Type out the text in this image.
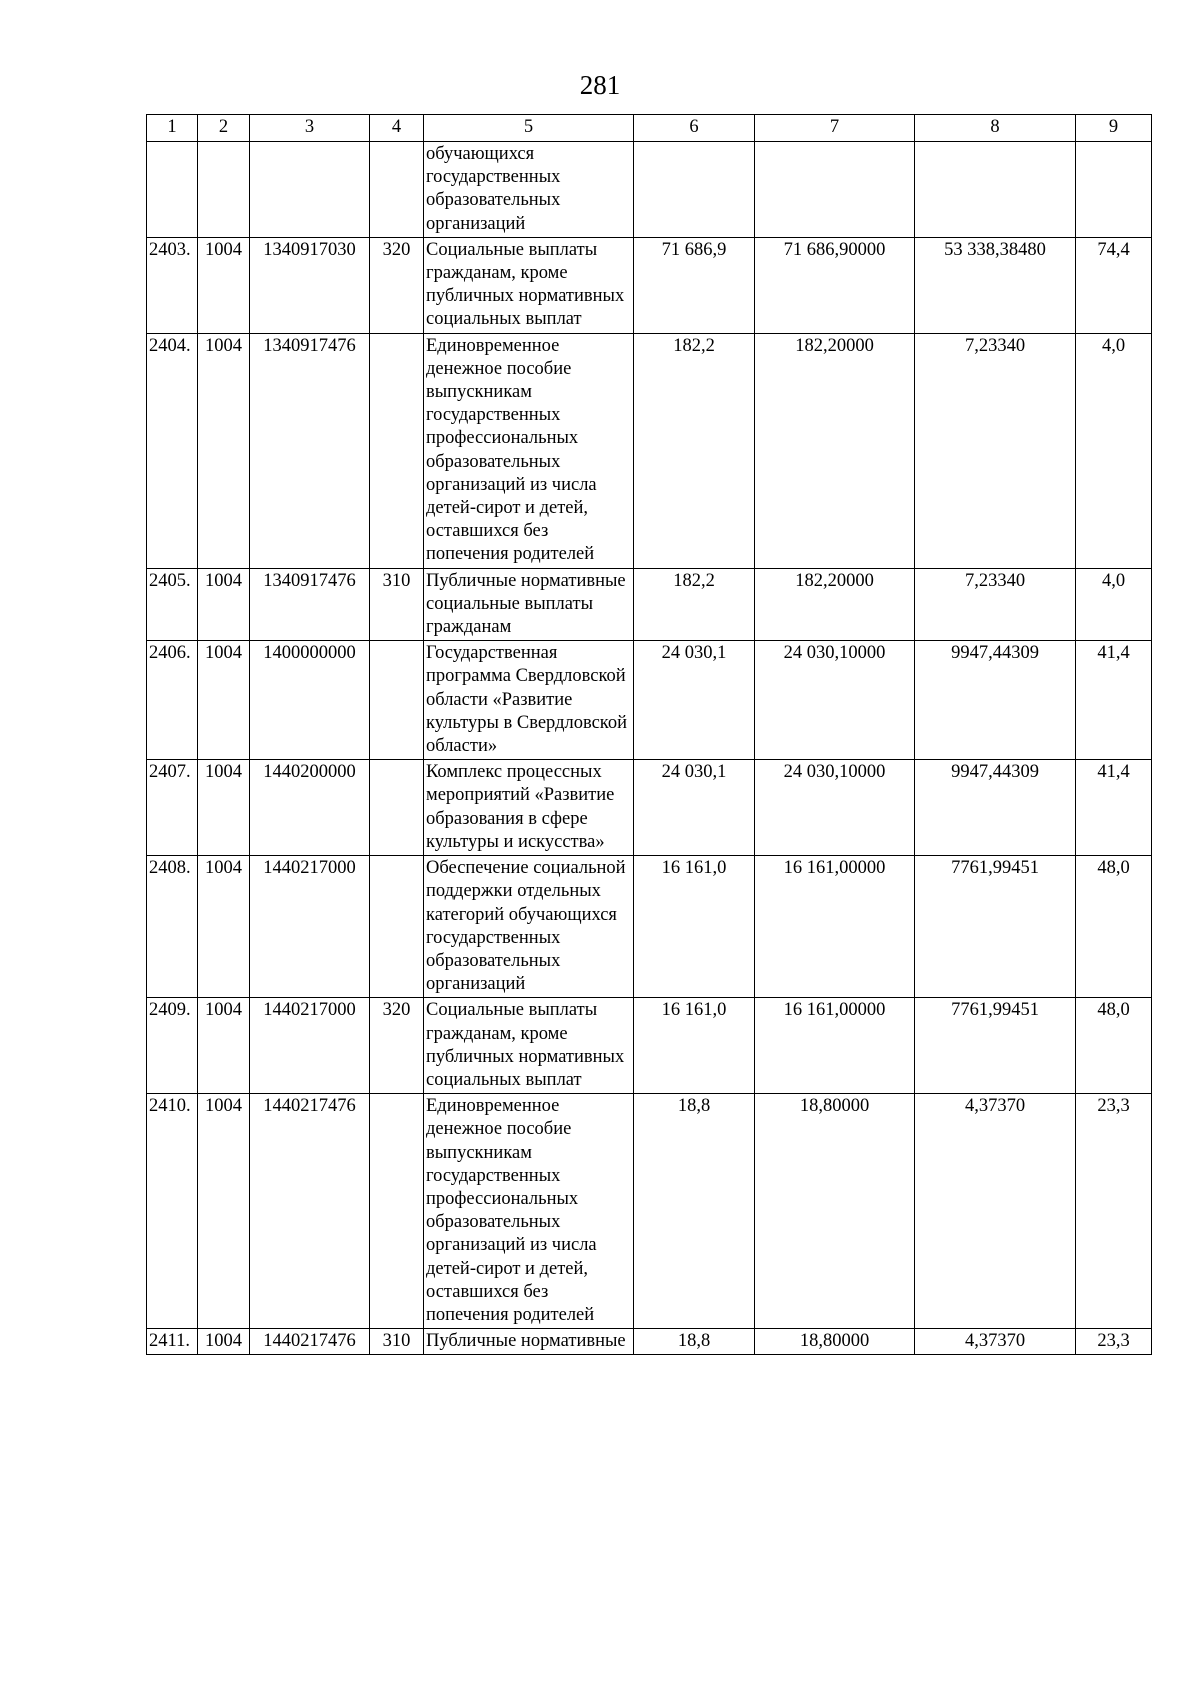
281
1	2	3	4	5	6	7	8	9
				обучающихся государственных образовательных организаций				
2403.	1004	1340917030	320	Социальные выплаты гражданам, кроме публичных нормативных социальных выплат	71 686,9	71 686,90000	53 338,38480	74,4
2404.	1004	1340917476		Единовременное денежное пособие выпускникам государственных профессиональных образовательных организаций из числа детей-сирот и детей, оставшихся без попечения родителей	182,2	182,20000	7,23340	4,0
2405.	1004	1340917476	310	Публичные нормативные социальные выплаты гражданам	182,2	182,20000	7,23340	4,0
2406.	1004	1400000000		Государственная программа Свердловской области «Развитие культуры в Свердловской области»	24 030,1	24 030,10000	9947,44309	41,4
2407.	1004	1440200000		Комплекс процессных мероприятий «Развитие образования в сфере культуры и искусства»	24 030,1	24 030,10000	9947,44309	41,4
2408.	1004	1440217000		Обеспечение социальной поддержки отдельных категорий обучающихся государственных образовательных организаций	16 161,0	16 161,00000	7761,99451	48,0
2409.	1004	1440217000	320	Социальные выплаты гражданам, кроме публичных нормативных социальных выплат	16 161,0	16 161,00000	7761,99451	48,0
2410.	1004	1440217476		Единовременное денежное пособие выпускникам государственных профессиональных образовательных организаций из числа детей-сирот и детей, оставшихся без попечения родителей	18,8	18,80000	4,37370	23,3
2411.	1004	1440217476	310	Публичные нормативные	18,8	18,80000	4,37370	23,3
